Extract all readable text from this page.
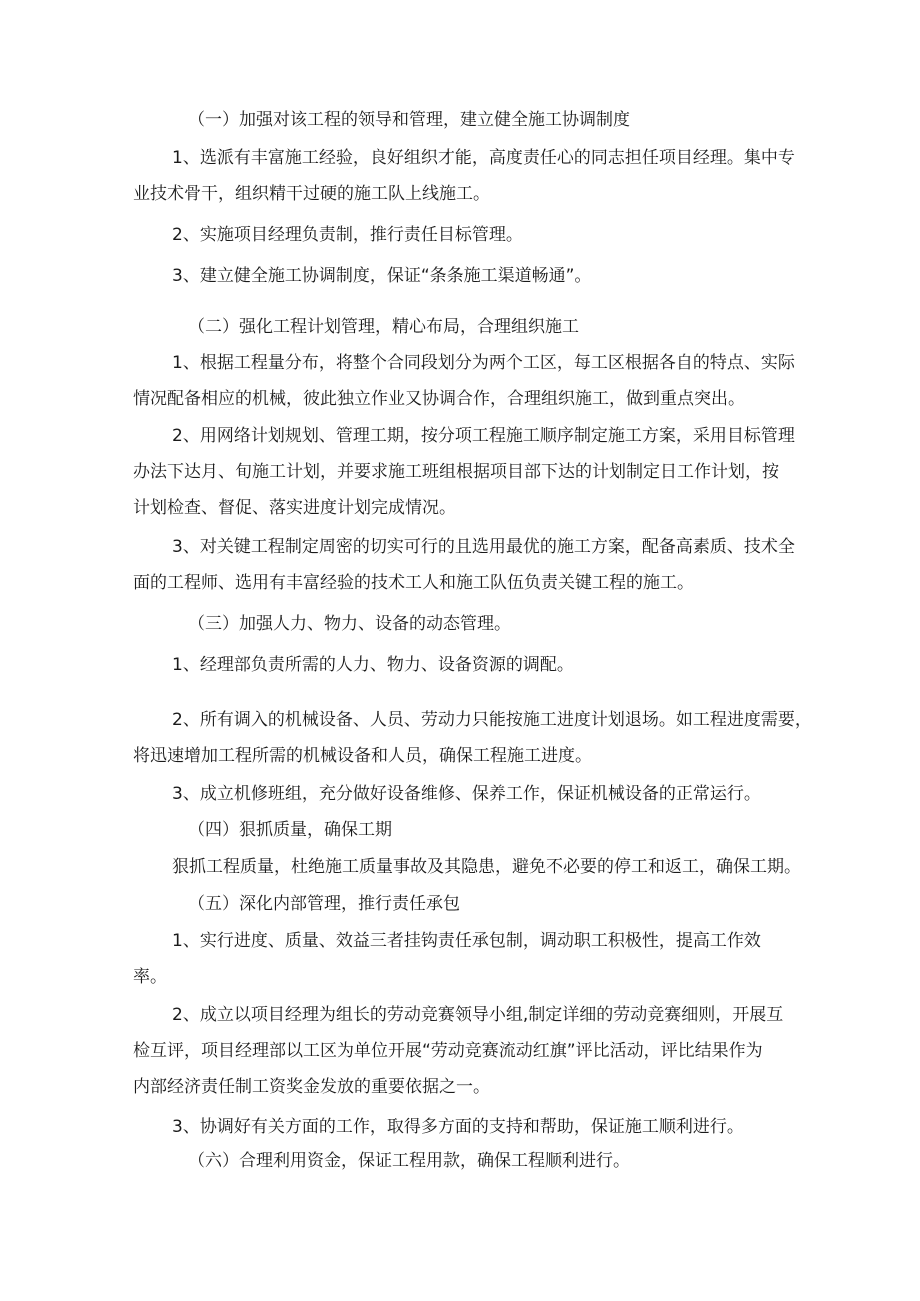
（一）加强对该工程的领导和管理，建立健全施工协调制度
1、选派有丰富施工经验，良好组织才能，高度责任心的同志担任项目经理。集中专
业技术骨干，组织精干过硬的施工队上线施工。
2、实施项目经理负责制，推行责任目标管理。
3、建立健全施工协调制度，保证“条条施工渠道畅通”。
（二）强化工程计划管理，精心布局，合理组织施工
1、根据工程量分布，将整个合同段划分为两个工区，每工区根据各自的特点、实际
情况配备相应的机械，彼此独立作业又协调合作，合理组织施工，做到重点突出。
2、用网络计划规划、管理工期，按分项工程施工顺序制定施工方案，采用目标管理
办法下达月、旬施工计划，并要求施工班组根据项目部下达的计划制定日工作计划，按
计划检查、督促、落实进度计划完成情况。
3、对关键工程制定周密的切实可行的且选用最优的施工方案，配备高素质、技术全
面的工程师、选用有丰富经验的技术工人和施工队伍负责关键工程的施工。
（三）加强人力、物力、设备的动态管理。
1、经理部负责所需的人力、物力、设备资源的调配。
2、所有调入的机械设备、人员、劳动力只能按施工进度计划退场。如工程进度需要，
将迅速增加工程所需的机械设备和人员，确保工程施工进度。
3、成立机修班组，充分做好设备维修、保养工作，保证机械设备的正常运行。
（四）狠抓质量，确保工期
狠抓工程质量，杜绝施工质量事故及其隐患，避免不必要的停工和返工，确保工期。
（五）深化内部管理，推行责任承包
1、实行进度、质量、效益三者挂钩责任承包制，调动职工积极性，提高工作效
率。
2、成立以项目经理为组长的劳动竞赛领导小组,制定详细的劳动竞赛细则，开展互
检互评，项目经理部以工区为单位开展“劳动竞赛流动红旗”评比活动，评比结果作为
内部经济责任制工资奖金发放的重要依据之一。
3、协调好有关方面的工作，取得多方面的支持和帮助，保证施工顺利进行。
（六）合理利用资金，保证工程用款，确保工程顺利进行。
